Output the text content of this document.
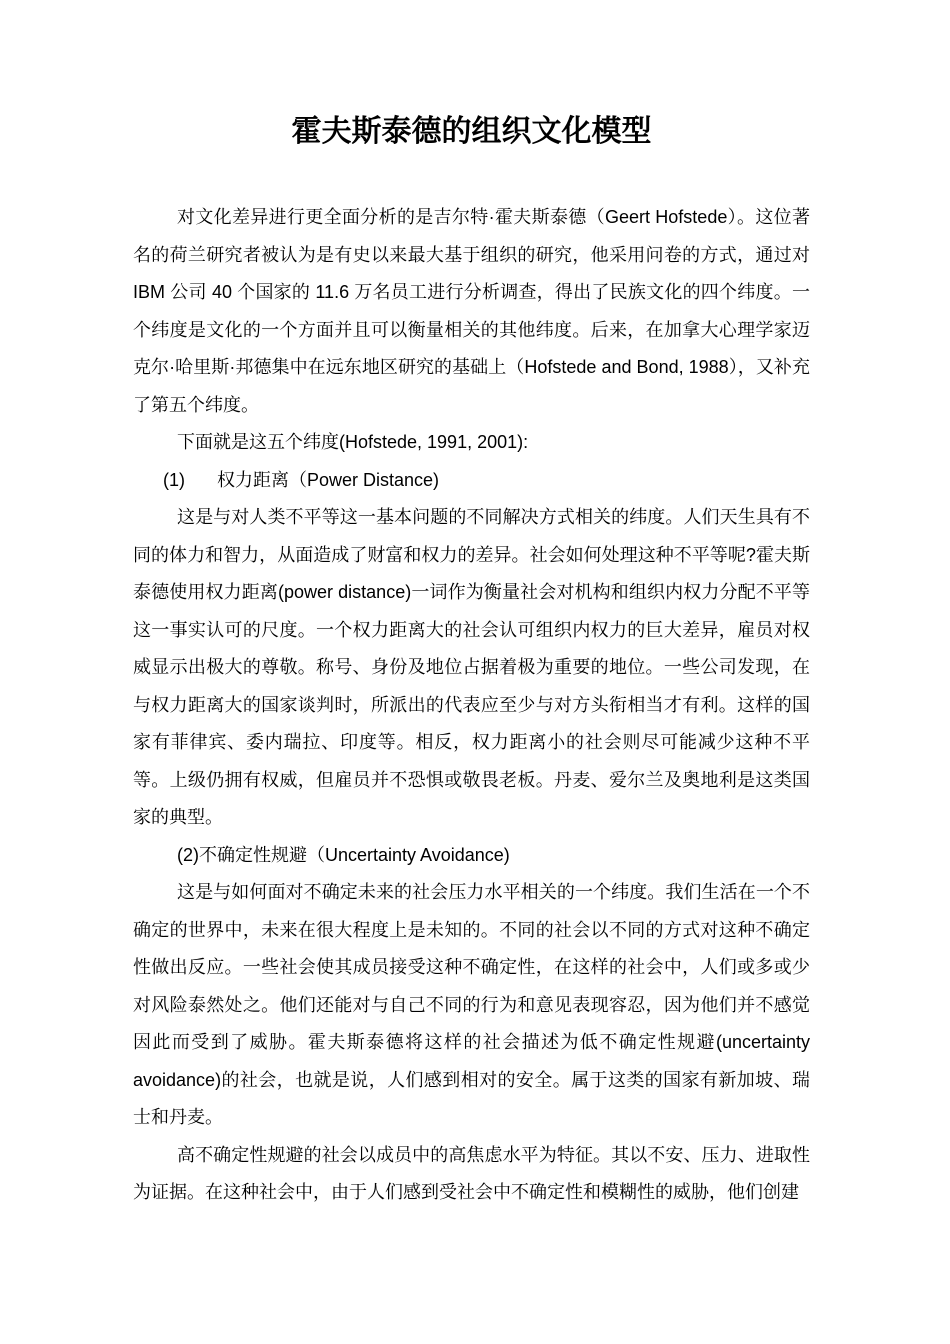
霍夫斯泰德的组织文化模型

对文化差异进行更全面分析的是吉尔特·霍夫斯泰德（Geert Hofstede）。这位著名的荷兰研究者被认为是有史以来最大基于组织的研究，他采用问卷的方式，通过对 IBM 公司 40 个国家的 11.6 万名员工进行分析调查，得出了民族文化的四个纬度。一个纬度是文化的一个方面并且可以衡量相关的其他纬度。后来，在加拿大心理学家迈克尔·哈里斯·邦德集中在远东地区研究的基础上（Hofstede and Bond, 1988），又补充了第五个纬度。

下面就是这五个纬度(Hofstede, 1991, 2001):

(1) 权力距离（Power Distance)

这是与对人类不平等这一基本问题的不同解决方式相关的纬度。人们天生具有不同的体力和智力，从面造成了财富和权力的差异。社会如何处理这种不平等呢?霍夫斯泰德使用权力距离(power distance)一词作为衡量社会对机构和组织内权力分配不平等这一事实认可的尺度。一个权力距离大的社会认可组织内权力的巨大差异，雇员对权威显示出极大的尊敬。称号、身份及地位占据着极为重要的地位。一些公司发现，在与权力距离大的国家谈判时，所派出的代表应至少与对方头衔相当才有利。这样的国家有菲律宾、委内瑞拉、印度等。相反，权力距离小的社会则尽可能减少这种不平等。上级仍拥有权威，但雇员并不恐惧或敬畏老板。丹麦、爱尔兰及奥地利是这类国家的典型。

(2)不确定性规避（Uncertainty Avoidance)

这是与如何面对不确定未来的社会压力水平相关的一个纬度。我们生活在一个不确定的世界中，未来在很大程度上是未知的。不同的社会以不同的方式对这种不确定性做出反应。一些社会使其成员接受这种不确定性，在这样的社会中，人们或多或少对风险泰然处之。他们还能对与自己不同的行为和意见表现容忍，因为他们并不感觉因此而受到了威胁。霍夫斯泰德将这样的社会描述为低不确定性规避(uncertainty avoidance)的社会，也就是说，人们感到相对的安全。属于这类的国家有新加坡、瑞士和丹麦。

高不确定性规避的社会以成员中的高焦虑水平为特征。其以不安、压力、进取性为证据。在这种社会中，由于人们感到受社会中不确定性和模糊性的威胁，他们创建
